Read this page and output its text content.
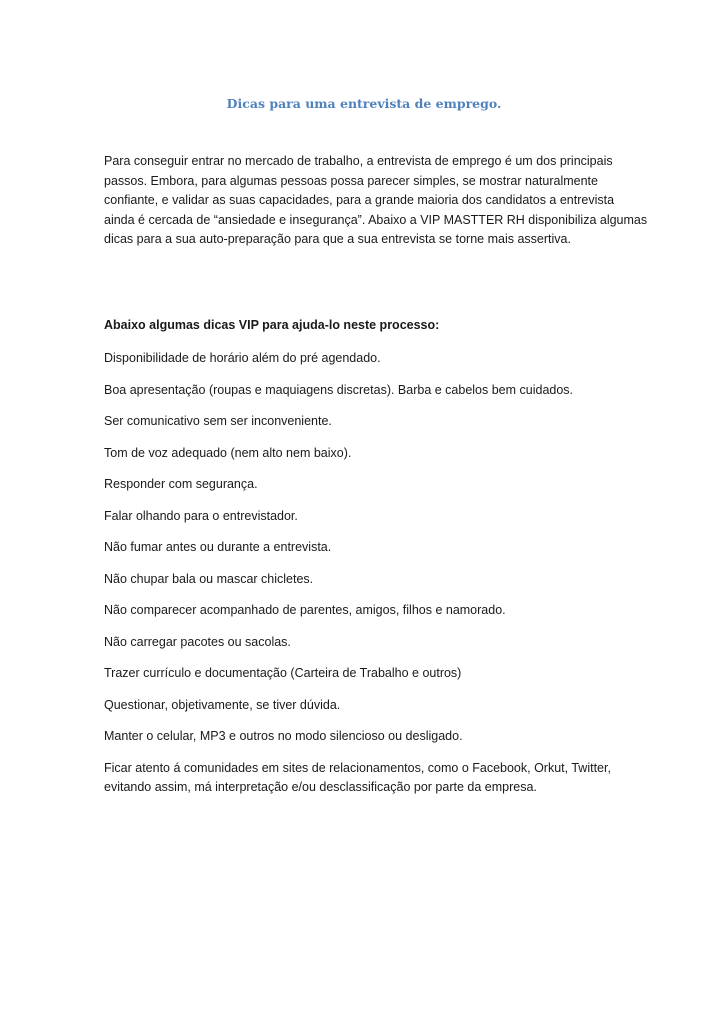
Dicas para uma entrevista de emprego.

Para conseguir entrar no mercado de trabalho, a entrevista de emprego é um dos principais
passos. Embora, para algumas pessoas possa parecer simples, se mostrar naturalmente
confiante, e validar as suas capacidades, para a grande maioria dos candidatos a entrevista
ainda é cercada de “ansiedade e insegurança”. Abaixo a VIP MASTTER RH disponibiliza algumas
dicas para a sua auto-preparação para que a sua entrevista se torne mais assertiva.

Abaixo algumas dicas VIP para ajuda-lo neste processo:

Disponibilidade de horário além do pré agendado.
Boa apresentação (roupas e maquiagens discretas). Barba e cabelos bem cuidados.
Ser comunicativo sem ser inconveniente.
Tom de voz adequado (nem alto nem baixo).
Responder com segurança.
Falar olhando para o entrevistador.
Não fumar antes ou durante a entrevista.
Não chupar bala ou mascar chicletes.
Não comparecer acompanhado de parentes, amigos, filhos e namorado.
Não carregar pacotes ou sacolas.
Trazer currículo e documentação (Carteira de Trabalho e outros)
Questionar, objetivamente, se tiver dúvida.
Manter o celular, MP3 e outros no modo silencioso ou desligado.
Ficar atento á comunidades em sites de relacionamentos, como o Facebook, Orkut, Twitter,
evitando assim, má interpretação e/ou desclassificação por parte da empresa.
